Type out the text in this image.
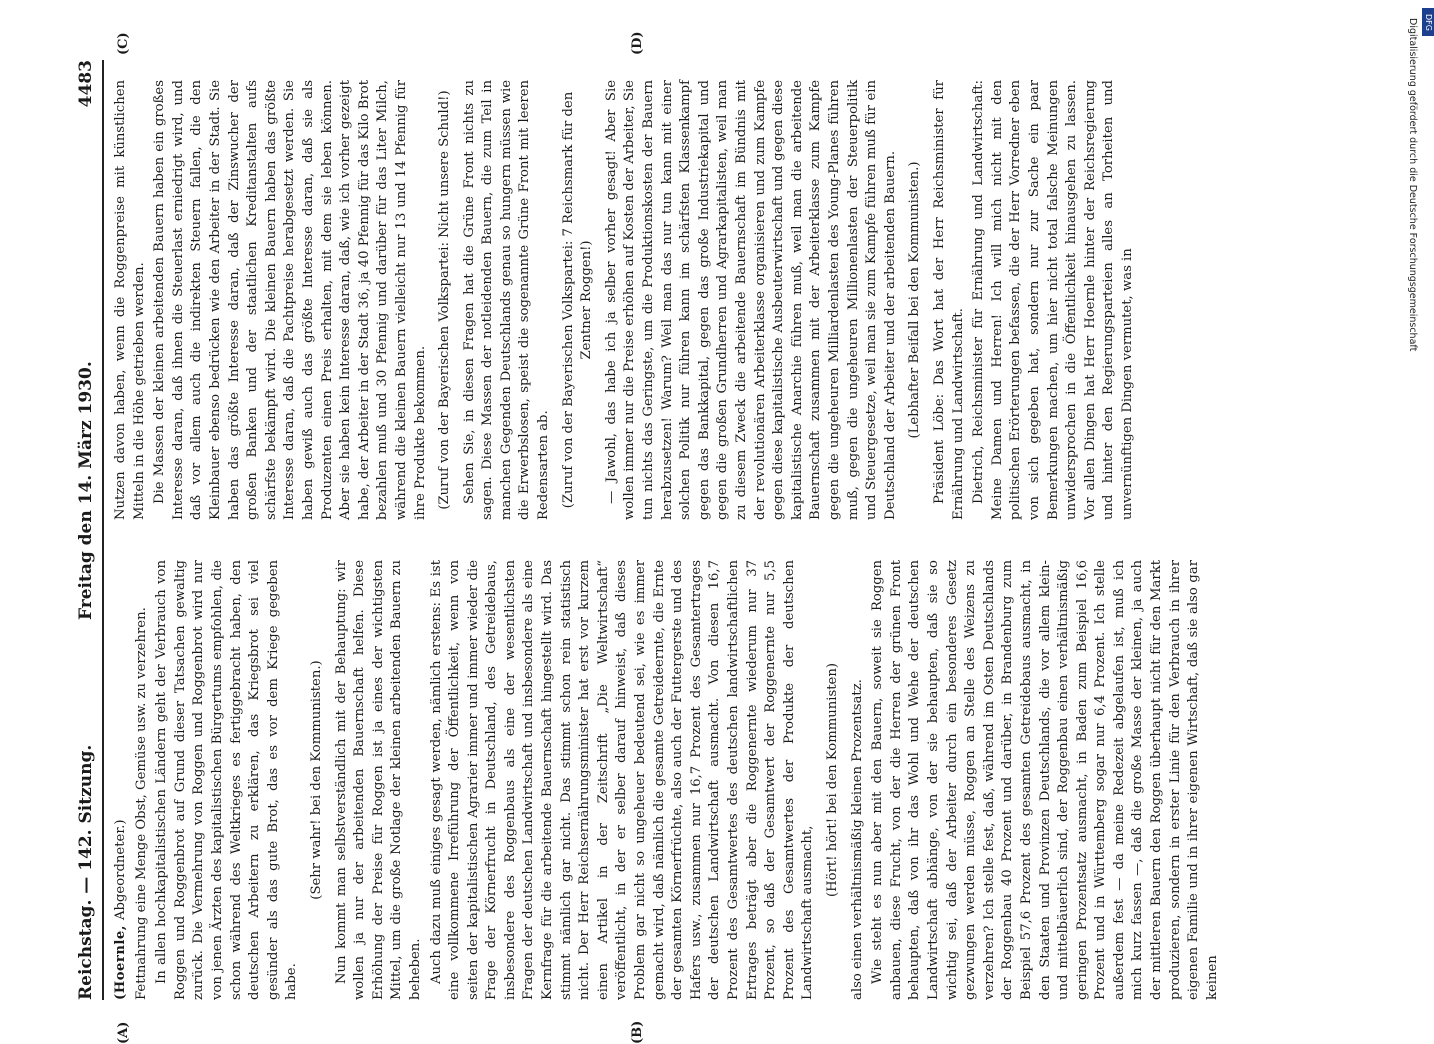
Reichstag. — 142. Sitzung.
Freitag den 14. März 1930.
4483
(A)	(B)
(C)	(D)

(Hoernle, Abgeordneter.) Fettnahrung eine Menge Obst, Gemüse usw. zu verzehren. In allen hochkapitalistischen Ländern geht der Verbrauch von Roggen und Roggenbrot auf Grund dieser Tatsachen gewaltig zurück. Die Vermehrung von Roggen und Roggenbrot wird nur von jenen Ärzten des kapitalistischen Bürgertums empfohlen, die schon während des Weltkrieges es fertiggebracht haben, den deutschen Arbeitern zu erklären, das Kriegsbrot sei viel gesünder als das gute Brot, das es vor dem Kriege gegeben habe.

(Sehr wahr! bei den Kommunisten.) Nun kommt man selbstverständlich mit der Behauptung: wir wollen ja nur der arbeitenden Bauernschaft helfen. Diese Erhöhung der Preise für Roggen ist ja eines der wichtigsten Mittel, um die große Notlage der kleinen arbeitenden Bauern zu beheben. Auch dazu muß einiges gesagt werden, nämlich erstens: Es ist eine vollkommene Irreführung der Öffentlichkeit, wenn von seiten der kapitalistischen Agrarier immer und immer wieder die Frage der Körnerfrucht in Deutschland, des Getreidebaus, insbesondere des Roggenbaus als eine der wesentlichsten Fragen der deutschen Landwirtschaft und insbesondere als eine Kernfrage für die arbeitende Bauernschaft hingestellt wird. Das stimmt nämlich gar nicht. Das stimmt schon rein statistisch nicht. Der Herr Reichsernährungsminister hat erst vor kurzem einen Artikel in der Zeitschrift „Die Weltwirtschaft“ veröffentlicht, in der er selber darauf hinweist, daß dieses Problem gar nicht so ungeheuer bedeutend sei, wie es immer gemacht wird, daß nämlich die gesamte Getreideernte, die Ernte der gesamten Körnerfrüchte, also auch der Futtergerste und des Hafers usw., zusammen nur 16,7 Prozent des Gesamtertrages der deutschen Landwirtschaft ausmacht. Von diesen 16,7 Prozent des Gesamtwertes des deutschen landwirtschaftlichen Ertrages beträgt aber die Roggenernte wiederum nur 37 Prozent, so daß der Gesamtwert der Roggenernte nur 5,5 Prozent des Gesamtwertes der Produkte der deutschen Landwirtschaft ausmacht,

(Hört! hört! bei den Kommunisten) also einen verhältnismäßig kleinen Prozentsatz. Wie steht es nun aber mit den Bauern, soweit sie Roggen anbauen, diese Frucht, von der die Herren der grünen Front behaupten, daß von ihr das Wohl und Wehe der deutschen Landwirtschaft abhänge, von der sie behaupten, daß sie so wichtig sei, daß der Arbeiter durch ein besonderes Gesetz gezwungen werden müsse, Roggen an Stelle des Weizens zu verzehren? Ich stelle fest, daß, während im Osten Deutschlands der Roggenbau 40 Prozent und darüber, in Brandenburg zum Beispiel 57,6 Prozent des gesamten Getreidebaus ausmacht, in den Staaten und Provinzen Deutschlands, die vor allem klein- und mittelbäuerlich sind, der Roggenbau einen verhältnismäßig geringen Prozentsatz ausmacht, in Baden zum Beispiel 16,6 Prozent und in Württemberg sogar nur 6,4 Prozent. Ich stelle außerdem fest — da meine Redezeit abgelaufen ist, muß ich mich kurz fassen —, daß die große Masse der kleinen, ja auch der mittleren Bauern den Roggen überhaupt nicht für den Markt produzieren, sondern in erster Linie für den Verbrauch in ihrer eigenen Familie und in ihrer eigenen Wirtschaft, daß sie also gar keinen

Nutzen davon haben, wenn die Roggenpreise mit künstlichen Mitteln in die Höhe getrieben werden. Die Massen der kleinen arbeitenden Bauern haben ein großes Interesse daran, daß ihnen die Steuerlast erniedrigt wird, und daß vor allem auch die indirekten Steuern fallen, die den Kleinbauer ebenso bedrücken wie den Arbeiter in der Stadt. Sie haben das größte Interesse daran, daß der Zinswucher der großen Banken und der staatlichen Kreditanstalten aufs schärfste bekämpft wird. Die kleinen Bauern haben das größte Interesse daran, daß die Pachtpreise herabgesetzt werden. Sie haben gewiß auch das größte Interesse daran, daß sie als Produzenten einen Preis erhalten, mit dem sie leben können. Aber sie haben kein Interesse daran, daß, wie ich vorher gezeigt habe, der Arbeiter in der Stadt 36, ja 40 Pfennig für das Kilo Brot bezahlen muß und 30 Pfennig und darüber für das Liter Milch, während die kleinen Bauern vielleicht nur 13 und 14 Pfennig für ihre Produkte bekommen. (Zuruf von der Bayerischen Volkspartei: Nicht unsere Schuld!) Sehen Sie, in diesen Fragen hat die Grüne Front nichts zu sagen. Diese Massen der notleidenden Bauern, die zum Teil in manchen Gegenden Deutschlands genau so hungern müssen wie die Erwerbslosen, speist die sogenannte Grüne Front mit leeren Redensarten ab. (Zuruf von der Bayerischen Volkspartei: 7 Reichsmark für den Zentner Roggen!) — Jawohl, das habe ich ja selber vorher gesagt! Aber Sie wollen immer nur die Preise erhöhen auf Kosten der Arbeiter, Sie tun nichts das Geringste, um die Produktionskosten der Bauern herabzusetzen! Warum? Weil man das nur tun kann mit einer solchen Politik nur führen kann im schärfsten Klassenkampf gegen das Bankkapital, gegen das große Industriekapital und gegen die großen Grundherren und Agrarkapitalisten, weil man zu diesem Zweck die arbeitende Bauernschaft im Bündnis mit der revolutionären Arbeiterklasse organisieren und zum Kampfe gegen diese kapitalistische Ausbeuterwirtschaft und gegen diese kapitalistische Anarchie führen muß, weil man die arbeitende Bauernschaft zusammen mit der Arbeiterklasse zum Kampfe gegen die ungeheuren Milliardenlasten des Young-Planes führen muß, gegen die ungeheuren Millionenlasten der Steuerpolitik und Steuergesetze, weil man sie zum Kampfe führen muß für ein Deutschland der Arbeiter und der arbeitenden Bauern. (Lebhafter Beifall bei den Kommunisten.) Präsident Löbe: Das Wort hat der Herr Reichsminister für Ernährung und Landwirtschaft. Dietrich, Reichsminister für Ernährung und Landwirtschaft: Meine Damen und Herren! Ich will mich nicht mit den politischen Erörterungen befassen, die der Herr Vorredner eben von sich gegeben hat, sondern nur zur Sache ein paar Bemerkungen machen, um hier nicht total falsche Meinungen unwidersprochen in die Öffentlichkeit hinausgehen zu lassen. Vor allen Dingen hat Herr Hoernle hinter der Reichsregierung und hinter den Regierungsparteien alles an Torheiten und unvernünftigen Dingen vermutet, was in

Digitalisierung gefördert durch die Deutsche Forschungsgemeinschaft DFG
